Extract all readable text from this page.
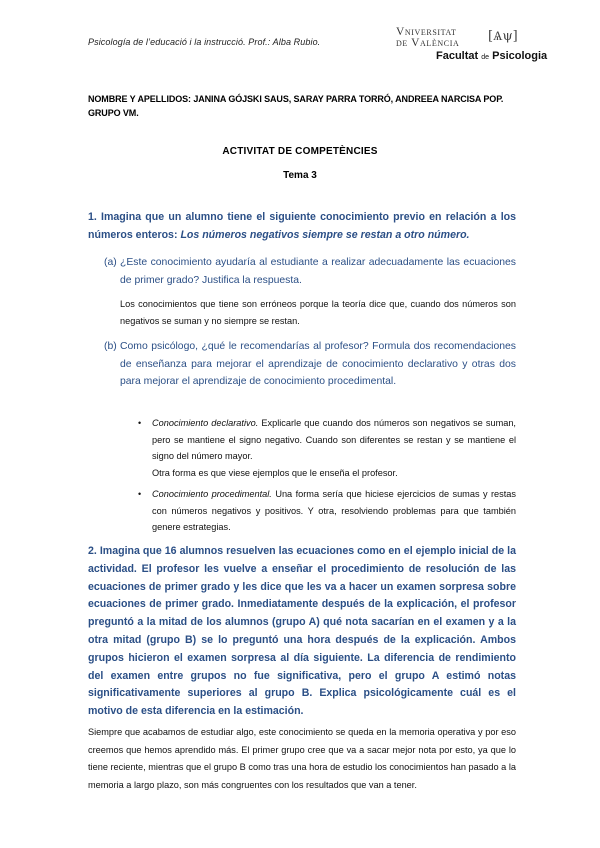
Psicología de l’educació i la instrucció. Prof.: Alba Rubio.
Vniversitat
de València [Ѧψ]
Facultat de Psicologia
NOMBRE Y APELLIDOS: JANINA GÓJSKI SAUS, SARAY PARRA TORRÓ, ANDREEA NARCISA POP. GRUPO VM.
ACTIVITAT DE COMPETÈNCIES
Tema 3
1. Imagina que un alumno tiene el siguiente conocimiento previo en relación a los números enteros: Los números negativos siempre se restan a otro número.
(a) ¿Este conocimiento ayudaría al estudiante a realizar adecuadamente las ecuaciones de primer grado? Justifica la respuesta.
Los conocimientos que tiene son erróneos porque la teoría dice que, cuando dos números son negativos se suman y no siempre se restan.
(b) Como psicólogo, ¿qué le recomendarías al profesor? Formula dos recomendaciones de enseñanza para mejorar el aprendizaje de conocimiento declarativo y otras dos para mejorar el aprendizaje de conocimiento procedimental.
• Conocimiento declarativo. Explicarle que cuando dos números son negativos se suman, pero se mantiene el signo negativo. Cuando son diferentes se restan y se mantiene el signo del número mayor.
Otra forma es que viese ejemplos que le enseña el profesor.
• Conocimiento procedimental. Una forma sería que hiciese ejercicios de sumas y restas con números negativos y positivos. Y otra, resolviendo problemas para que también genere estrategias.
2. Imagina que 16 alumnos resuelven las ecuaciones como en el ejemplo inicial de la actividad. El profesor les vuelve a enseñar el procedimiento de resolución de las ecuaciones de primer grado y les dice que les va a hacer un examen sorpresa sobre ecuaciones de primer grado. Inmediatamente después de la explicación, el profesor preguntó a la mitad de los alumnos (grupo A) qué nota sacarían en el examen y a la otra mitad (grupo B) se lo preguntó una hora después de la explicación. Ambos grupos hicieron el examen sorpresa al día siguiente. La diferencia de rendimiento del examen entre grupos no fue significativa, pero el grupo A estimó notas significativamente superiores al grupo B. Explica psicológicamente cuál es el motivo de esta diferencia en la estimación.
Siempre que acabamos de estudiar algo, este conocimiento se queda en la memoria operativa y por eso creemos que hemos aprendido más. El primer grupo cree que va a sacar mejor nota por esto, ya que lo tiene reciente, mientras que el grupo B como tras una hora de estudio los conocimientos han pasado a la memoria a largo plazo, son más congruentes con los resultados que van a tener.
